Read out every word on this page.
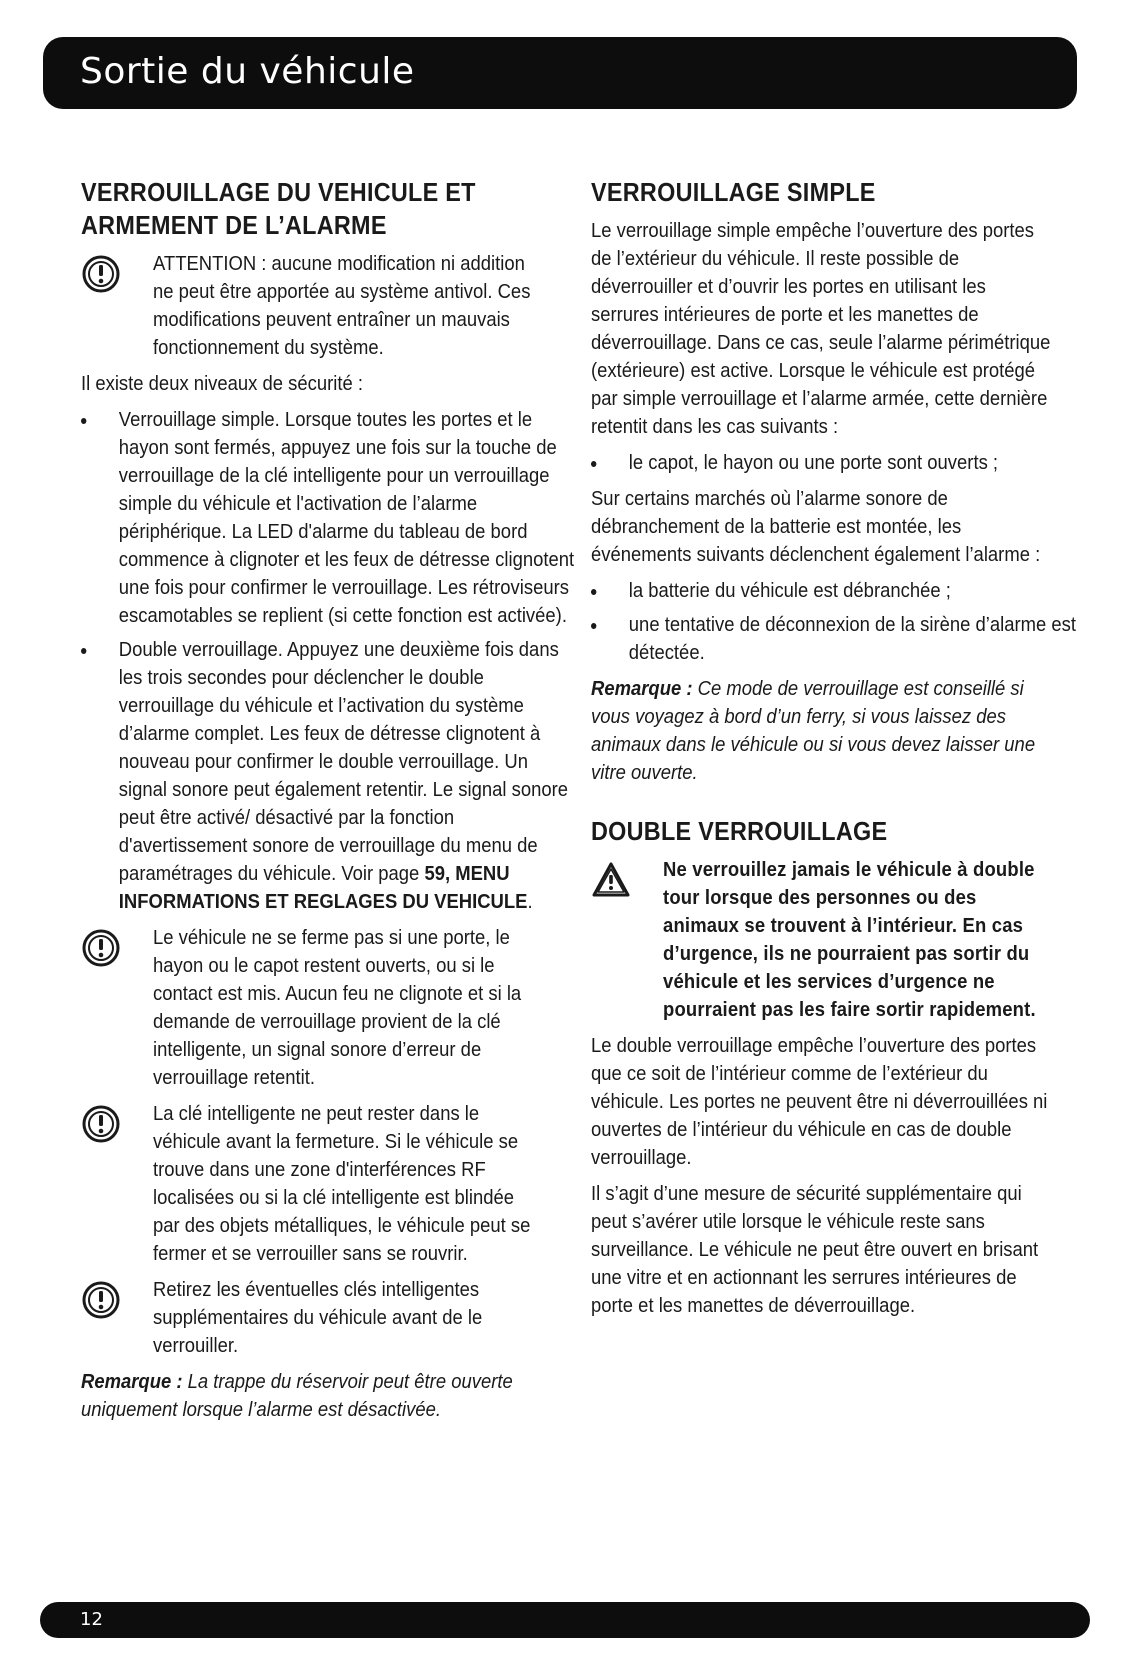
Sortie du véhicule
VERROUILLAGE DU VEHICULE ET ARMEMENT DE L’ALARME

ATTENTION : aucune modification ni addition ne peut être apportée au système antivol. Ces modifications peuvent entraîner un mauvais fonctionnement du système.

Il existe deux niveaux de sécurité :

Verrouillage simple. Lorsque toutes les portes et le hayon sont fermés, appuyez une fois sur la touche de verrouillage de la clé intelligente pour un verrouillage simple du véhicule et l'activation de l’alarme périphérique. La LED d'alarme du tableau de bord commence à clignoter et les feux de détresse clignotent une fois pour confirmer le verrouillage. Les rétroviseurs escamotables se replient (si cette fonction est activée).
Double verrouillage. Appuyez une deuxième fois dans les trois secondes pour déclencher le double verrouillage du véhicule et l’activation du système d’alarme complet. Les feux de détresse clignotent à nouveau pour confirmer le double verrouillage. Un signal sonore peut également retentir. Le signal sonore peut être activé/ désactivé par la fonction d'avertissement sonore de verrouillage du menu de paramétrages du véhicule. Voir page 59, MENU INFORMATIONS ET REGLAGES DU VEHICULE.

Le véhicule ne se ferme pas si une porte, le hayon ou le capot restent ouverts, ou si le contact est mis. Aucun feu ne clignote et si la demande de verrouillage provient de la clé intelligente, un signal sonore d’erreur de verrouillage retentit.

La clé intelligente ne peut rester dans le véhicule avant la fermeture. Si le véhicule se trouve dans une zone d'interférences RF localisées ou si la clé intelligente est blindée par des objets métalliques, le véhicule peut se fermer et se verrouiller sans se rouvrir.

Retirez les éventuelles clés intelligentes supplémentaires du véhicule avant de le verrouiller.

Remarque : La trappe du réservoir peut être ouverte uniquement lorsque l’alarme est désactivée.

VERROUILLAGE SIMPLE

Le verrouillage simple empêche l’ouverture des portes de l’extérieur du véhicule. Il reste possible de déverrouiller et d’ouvrir les portes en utilisant les serrures intérieures de porte et les manettes de déverrouillage. Dans ce cas, seule l’alarme périmétrique (extérieure) est active. Lorsque le véhicule est protégé par simple verrouillage et l’alarme armée, cette dernière retentit dans les cas suivants :

le capot, le hayon ou une porte sont ouverts ;

Sur certains marchés où l’alarme sonore de débranchement de la batterie est montée, les événements suivants déclenchent également l’alarme :

la batterie du véhicule est débranchée ;
une tentative de déconnexion de la sirène d’alarme est détectée.

Remarque : Ce mode de verrouillage est conseillé si vous voyagez à bord d’un ferry, si vous laissez des animaux dans le véhicule ou si vous devez laisser une vitre ouverte.

DOUBLE VERROUILLAGE

Ne verrouillez jamais le véhicule à double tour lorsque des personnes ou des animaux se trouvent à l’intérieur. En cas d’urgence, ils ne pourraient pas sortir du véhicule et les services d’urgence ne pourraient pas les faire sortir rapidement.

Le double verrouillage empêche l’ouverture des portes que ce soit de l’intérieur comme de l’extérieur du véhicule. Les portes ne peuvent être ni déverrouillées ni ouvertes de l’intérieur du véhicule en cas de double verrouillage.

Il s’agit d’une mesure de sécurité supplémentaire qui peut s’avérer utile lorsque le véhicule reste sans surveillance. Le véhicule ne peut être ouvert en brisant une vitre et en actionnant les serrures intérieures de porte et les manettes de déverrouillage.

12
